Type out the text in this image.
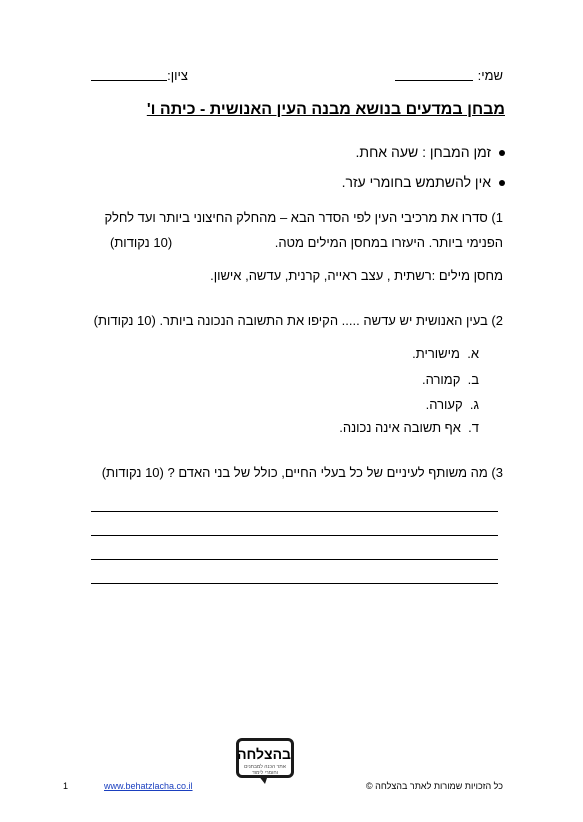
שמי:
ציון:
מבחן במדעים בנושא מבנה העין האנושית - כיתה ו'
זמן המבחן : שעה אחת.
אין להשתמש בחומרי עזר.
1) סדרו את מרכיבי העין לפי הסדר הבא – מהחלק החיצוני ביותר ועד לחלק
הפנימי ביותר. היעזרו במחסן המילים מטה.
(10 נקודות)
מחסן מילים :רשתית , עצב ראייה, קרנית, עדשה, אישון.
2) בעין האנושית יש עדשה ..... הקיפו את התשובה הנכונה ביותר. (10 נקודות)
א.  מישורית.
ב.  קמורה.
ג.  קעורה.
ד.  אף תשובה אינה נכונה.
3) מה משותף לעיניים של כל בעלי החיים, כולל של בני האדם ? (10 נקודות)
בהצלחה
אתר הכנה למבחנים וחומרי לימוד
כל הזכויות שמורות לאתר בהצלחה ©
www.behatzlacha.co.il
1
